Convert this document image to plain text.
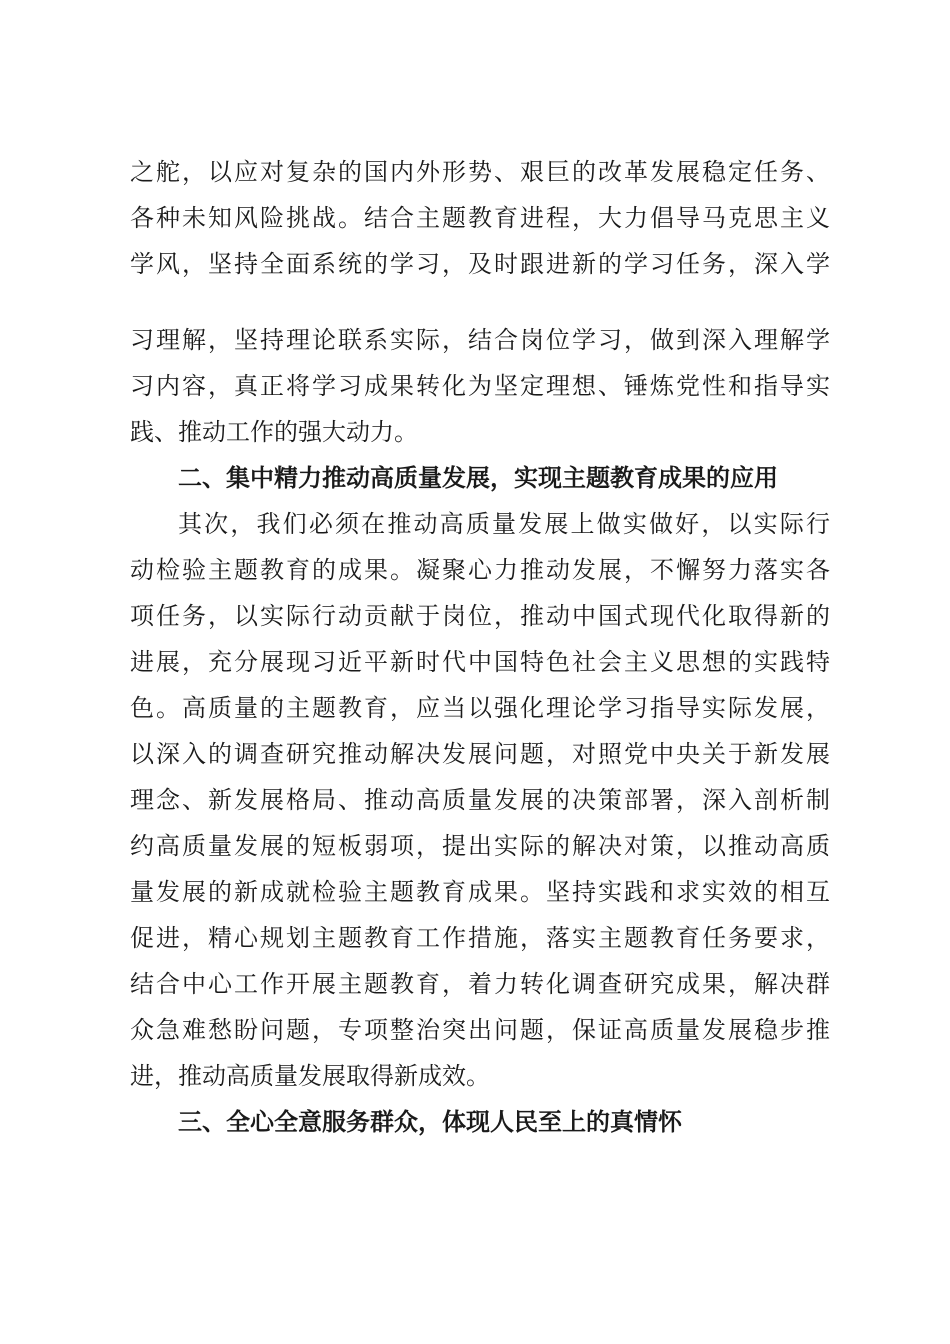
之舵，以应对复杂的国内外形势、艰巨的改革发展稳定任务、
各种未知风险挑战。结合主题教育进程，大力倡导马克思主义
学风，坚持全面系统的学习，及时跟进新的学习任务，深入学
习理解，坚持理论联系实际，结合岗位学习，做到深入理解学
习内容，真正将学习成果转化为坚定理想、锤炼党性和指导实
践、推动工作的强大动力。
二、集中精力推动高质量发展，实现主题教育成果的应用
其次，我们必须在推动高质量发展上做实做好，以实际行
动检验主题教育的成果。凝聚心力推动发展，不懈努力落实各
项任务，以实际行动贡献于岗位，推动中国式现代化取得新的
进展，充分展现习近平新时代中国特色社会主义思想的实践特
色。高质量的主题教育，应当以强化理论学习指导实际发展，
以深入的调查研究推动解决发展问题，对照党中央关于新发展
理念、新发展格局、推动高质量发展的决策部署，深入剖析制
约高质量发展的短板弱项，提出实际的解决对策，以推动高质
量发展的新成就检验主题教育成果。坚持实践和求实效的相互
促进，精心规划主题教育工作措施，落实主题教育任务要求，
结合中心工作开展主题教育，着力转化调查研究成果，解决群
众急难愁盼问题，专项整治突出问题，保证高质量发展稳步推
进，推动高质量发展取得新成效。
三、全心全意服务群众，体现人民至上的真情怀
